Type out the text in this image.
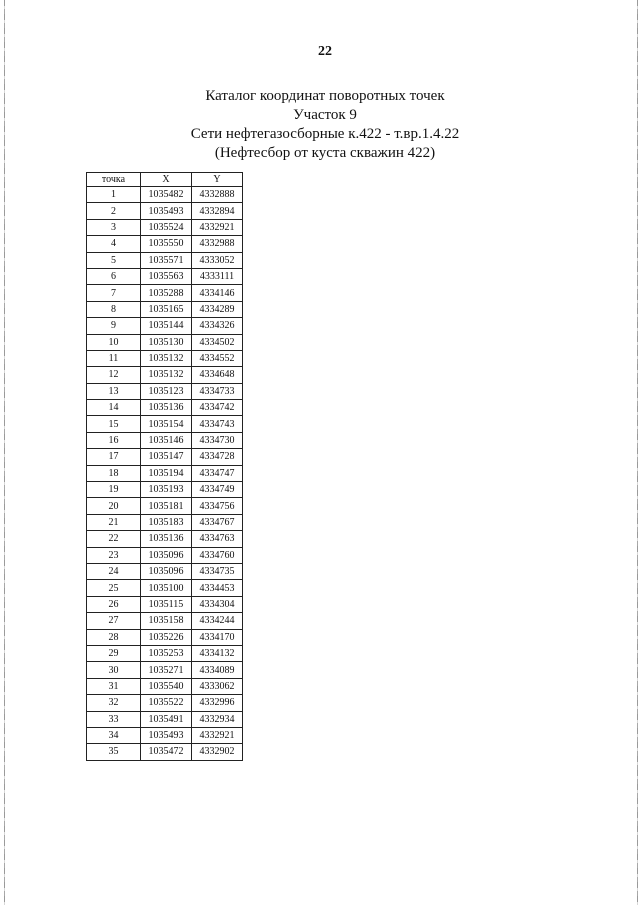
22
Каталог координат поворотных точек
Участок 9
Сети нефтегазосборные к.422 - т.вр.1.4.22
(Нефтесбор от куста скважин 422)
точка	X	Y
1	1035482	4332888
2	1035493	4332894
3	1035524	4332921
4	1035550	4332988
5	1035571	4333052
6	1035563	4333111
7	1035288	4334146
8	1035165	4334289
9	1035144	4334326
10	1035130	4334502
11	1035132	4334552
12	1035132	4334648
13	1035123	4334733
14	1035136	4334742
15	1035154	4334743
16	1035146	4334730
17	1035147	4334728
18	1035194	4334747
19	1035193	4334749
20	1035181	4334756
21	1035183	4334767
22	1035136	4334763
23	1035096	4334760
24	1035096	4334735
25	1035100	4334453
26	1035115	4334304
27	1035158	4334244
28	1035226	4334170
29	1035253	4334132
30	1035271	4334089
31	1035540	4333062
32	1035522	4332996
33	1035491	4332934
34	1035493	4332921
35	1035472	4332902
